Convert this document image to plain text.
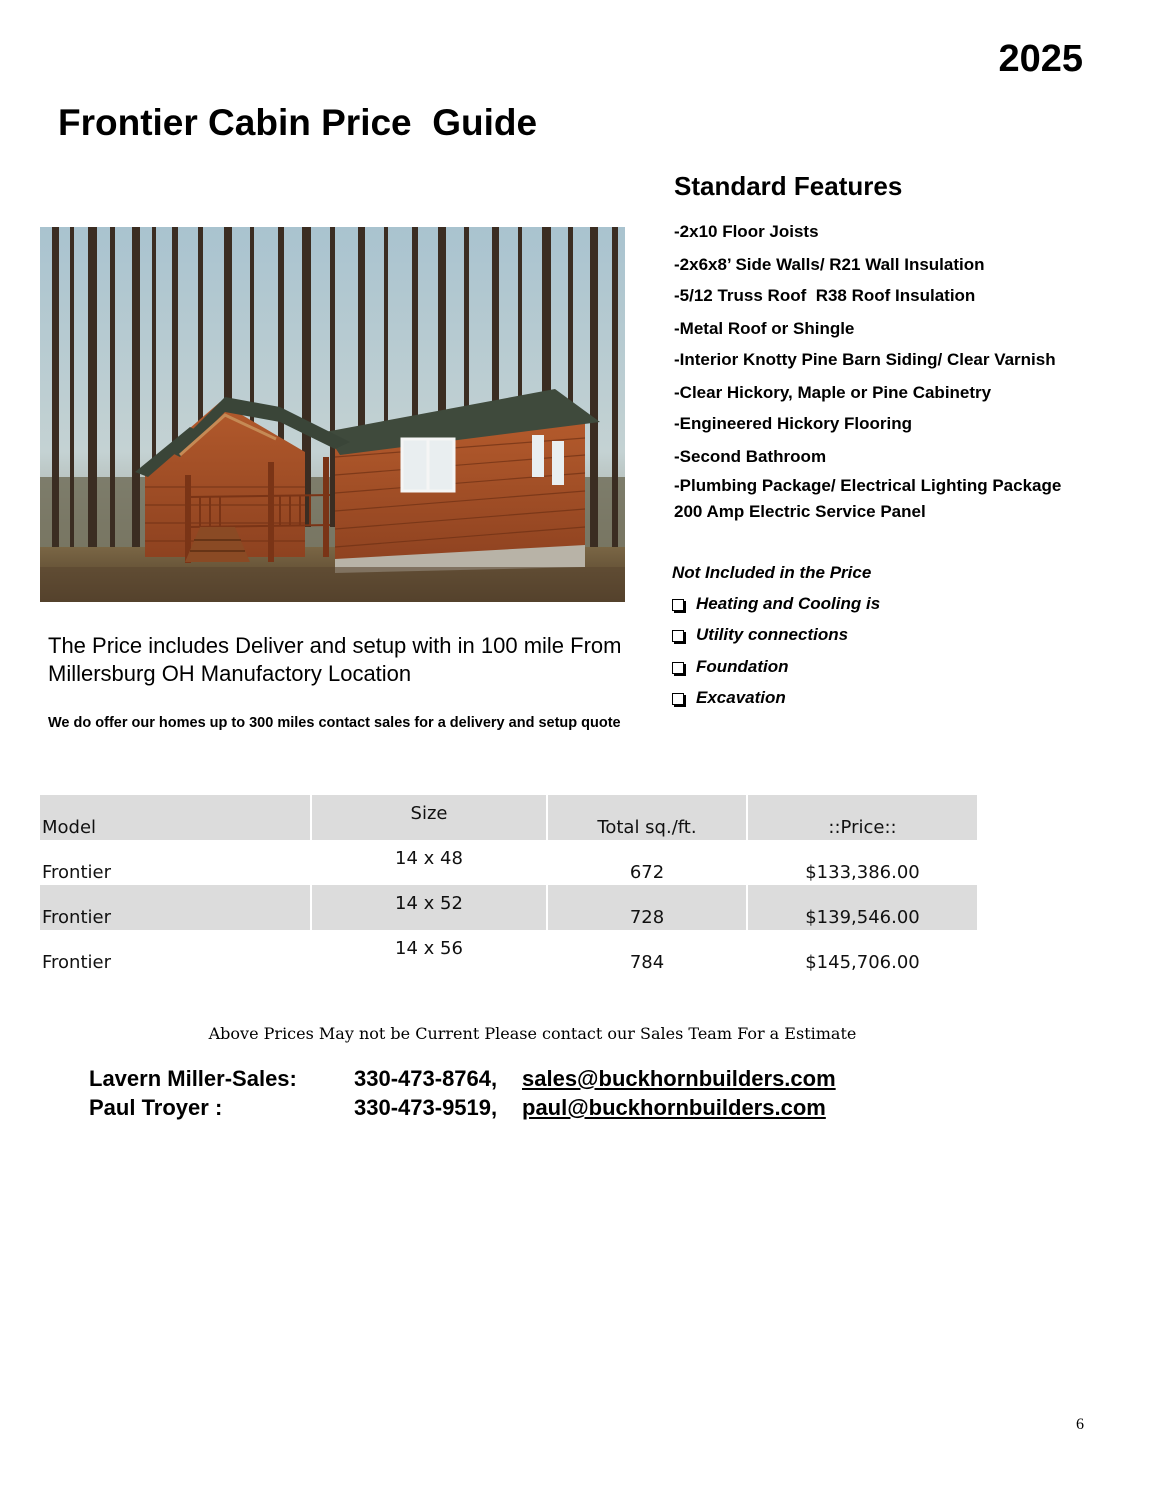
2025
Frontier Cabin Price  Guide
Standard Features
-2x10 Floor Joists
-2x6x8’ Side Walls/ R21 Wall Insulation
-5/12 Truss Roof  R38 Roof Insulation
-Metal Roof or Shingle
-Interior Knotty Pine Barn Siding/ Clear Varnish
-Clear Hickory, Maple or Pine Cabinetry
-Engineered Hickory Flooring
-Second Bathroom
-Plumbing Package/ Electrical Lighting Package
200 Amp Electric Service Panel
Not Included in the Price
Heating and Cooling is
Utility connections
Foundation
Excavation
The Price includes Deliver and setup with in 100 mile From Millersburg OH Manufactory Location
We do offer our homes up to 300 miles contact sales for a delivery and setup quote
Model	Size	Total sq./ft.	::Price::
Frontier	14 x 48	672	$133,386.00
Frontier	14 x 52	728	$139,546.00
Frontier	14 x 56	784	$145,706.00
Above Prices May not be Current Please contact our Sales Team For a Estimate
Lavern Miller-Sales:	330-473-8764,	sales@buckhornbuilders.com
Paul Troyer :	330-473-9519,	paul@buckhornbuilders.com
6
